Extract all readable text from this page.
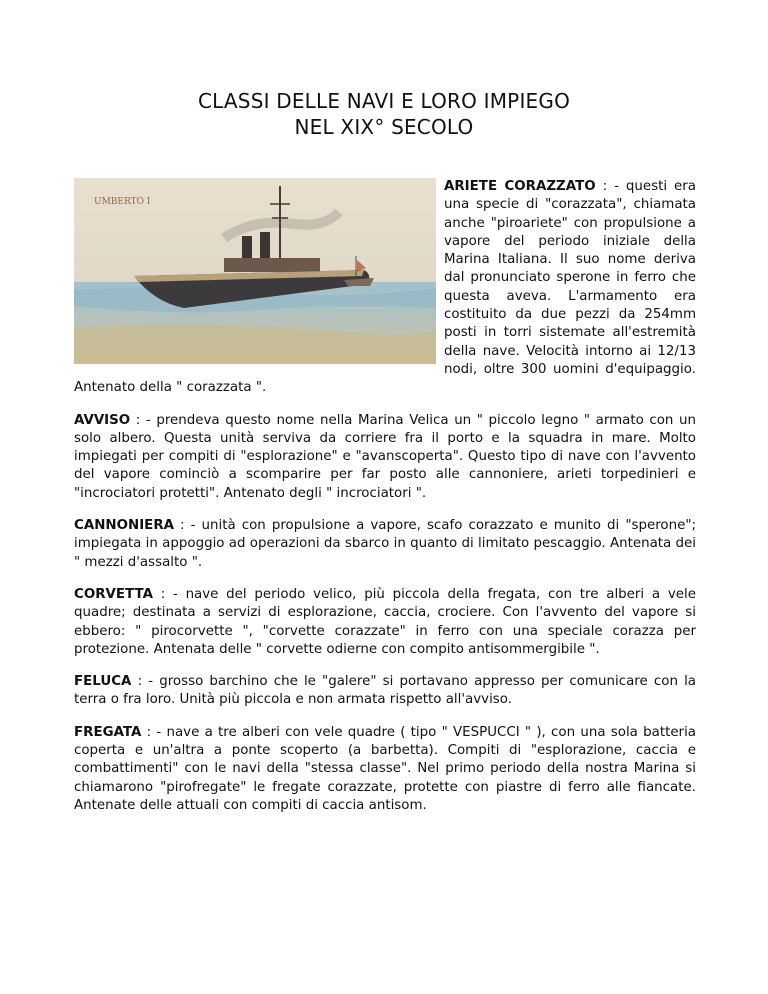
CLASSI DELLE NAVI E LORO IMPIEGO
NEL XIX° SECOLO

UMBERTO I
ARIETE CORAZZATO : - questi era una specie di "corazzata", chiamata anche "piroariete" con propulsione a vapore del periodo iniziale della Marina Italiana. Il suo nome deriva dal pronunciato sperone in ferro che questa aveva. L'armamento era costituito da due pezzi da 254mm posti in torri sistemate all'estremità della nave. Velocità intorno ai 12/13 nodi, oltre 300 uomini d'equipaggio. Antenato della " corazzata ".

AVVISO : - prendeva questo nome nella Marina Velica un " piccolo legno " armato con un solo albero. Questa unità serviva da corriere fra il porto e la squadra in mare. Molto impiegati per compiti di "esplorazione" e "avanscoperta". Questo tipo di nave con l'avvento del vapore cominciò a scomparire per far posto alle cannoniere, arieti torpedinieri e "incrociatori protetti". Antenato degli " incrociatori ".

CANNONIERA : - unità con propulsione a vapore, scafo corazzato e munito di "sperone"; impiegata in appoggio ad operazioni da sbarco in quanto di limitato pescaggio. Antenata dei " mezzi d'assalto ".

CORVETTA : - nave del periodo velico, più piccola della fregata, con tre alberi a vele quadre; destinata a servizi di esplorazione, caccia, crociere. Con l'avvento del vapore si ebbero: " pirocorvette ", "corvette corazzate" in ferro con una speciale corazza per protezione. Antenata delle " corvette odierne con compito antisommergibile ".

FELUCA : - grosso barchino che le "galere" si portavano appresso per comunicare con la terra o fra loro. Unità più piccola e non armata rispetto all'avviso.

FREGATA : - nave a tre alberi con vele quadre ( tipo " VESPUCCI " ), con una sola batteria coperta e un'altra a ponte scoperto (a barbetta). Compiti di "esplorazione, caccia e combattimenti" con le navi della "stessa classe". Nel primo periodo della nostra Marina si chiamarono "pirofregate" le fregate corazzate, protette con piastre di ferro alle fiancate. Antenate delle attuali con compiti di caccia antisom.
